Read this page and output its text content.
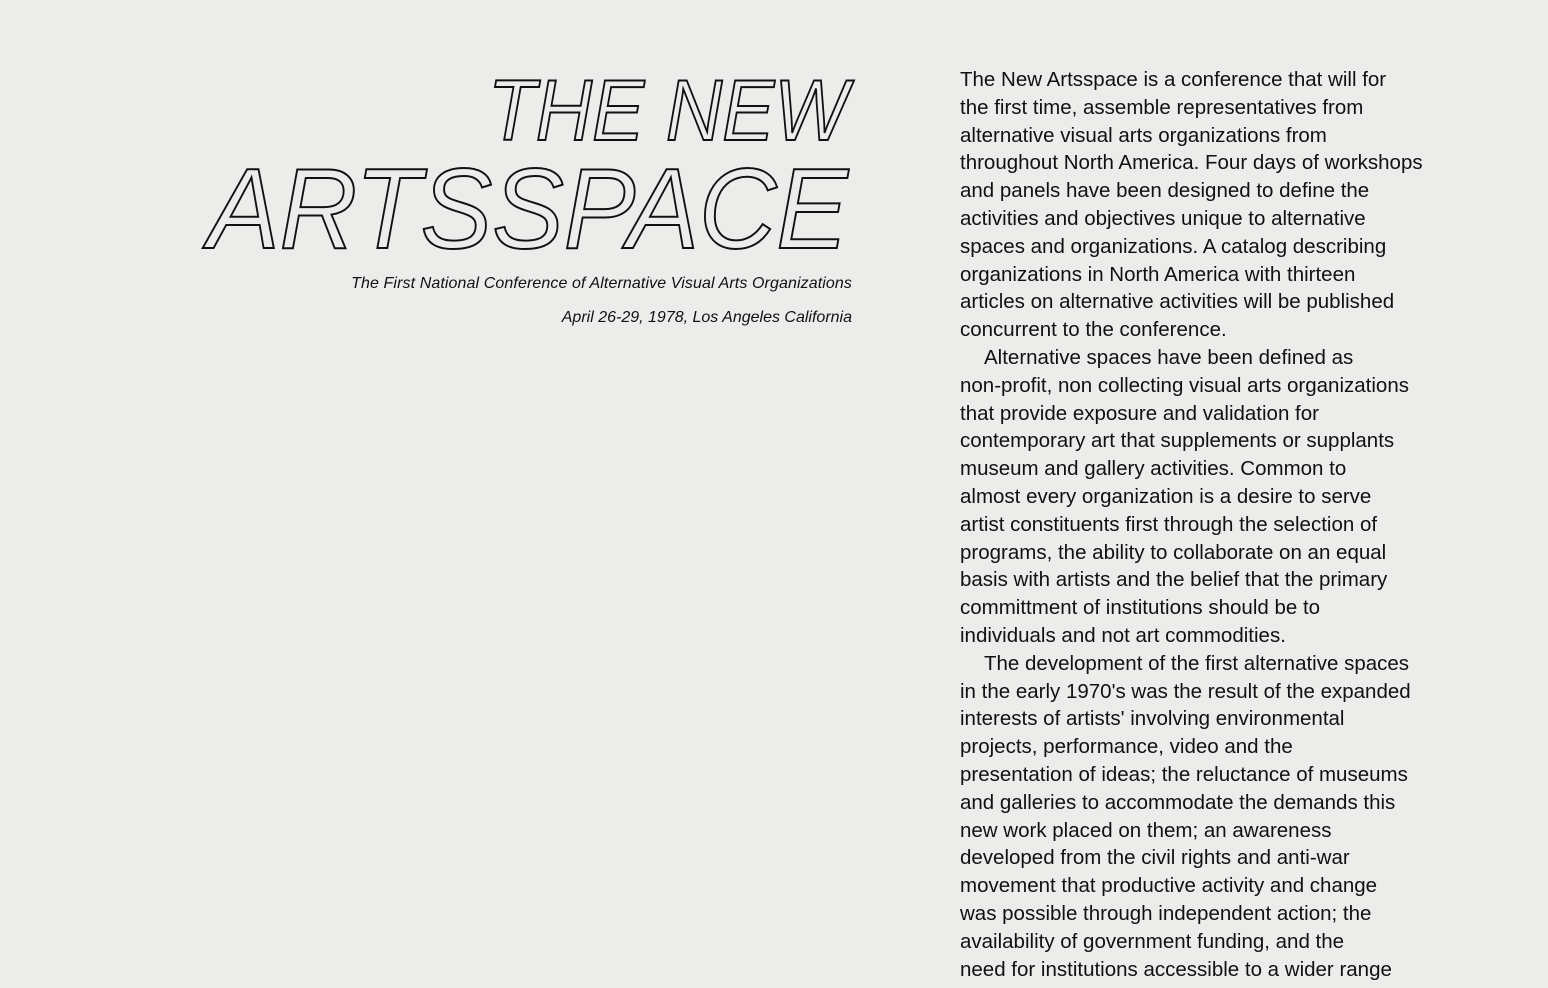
THE NEW
ARTSSPACE
The First National Conference of Alternative Visual Arts Organizations
April 26-29, 1978, Los Angeles California
The New Artsspace is a conference that will for
the first time, assemble representatives from
alternative visual arts organizations from
throughout North America. Four days of workshops
and panels have been designed to define the
activities and objectives unique to alternative
spaces and organizations. A catalog describing
organizations in North America with thirteen
articles on alternative activities will be published
concurrent to the conference.
Alternative spaces have been defined as
non-profit, non collecting visual arts organizations
that provide exposure and validation for
contemporary art that supplements or supplants
museum and gallery activities. Common to
almost every organization is a desire to serve
artist constituents first through the selection of
programs, the ability to collaborate on an equal
basis with artists and the belief that the primary
committment of institutions should be to
individuals and not art commodities.
The development of the first alternative spaces
in the early 1970's was the result of the expanded
interests of artists' involving environmental
projects, performance, video and the
presentation of ideas; the reluctance of museums
and galleries to accommodate the demands this
new work placed on them; an awareness
developed from the civil rights and anti-war
movement that productive activity and change
was possible through independent action; the
availability of government funding, and the
need for institutions accessible to a wider range
